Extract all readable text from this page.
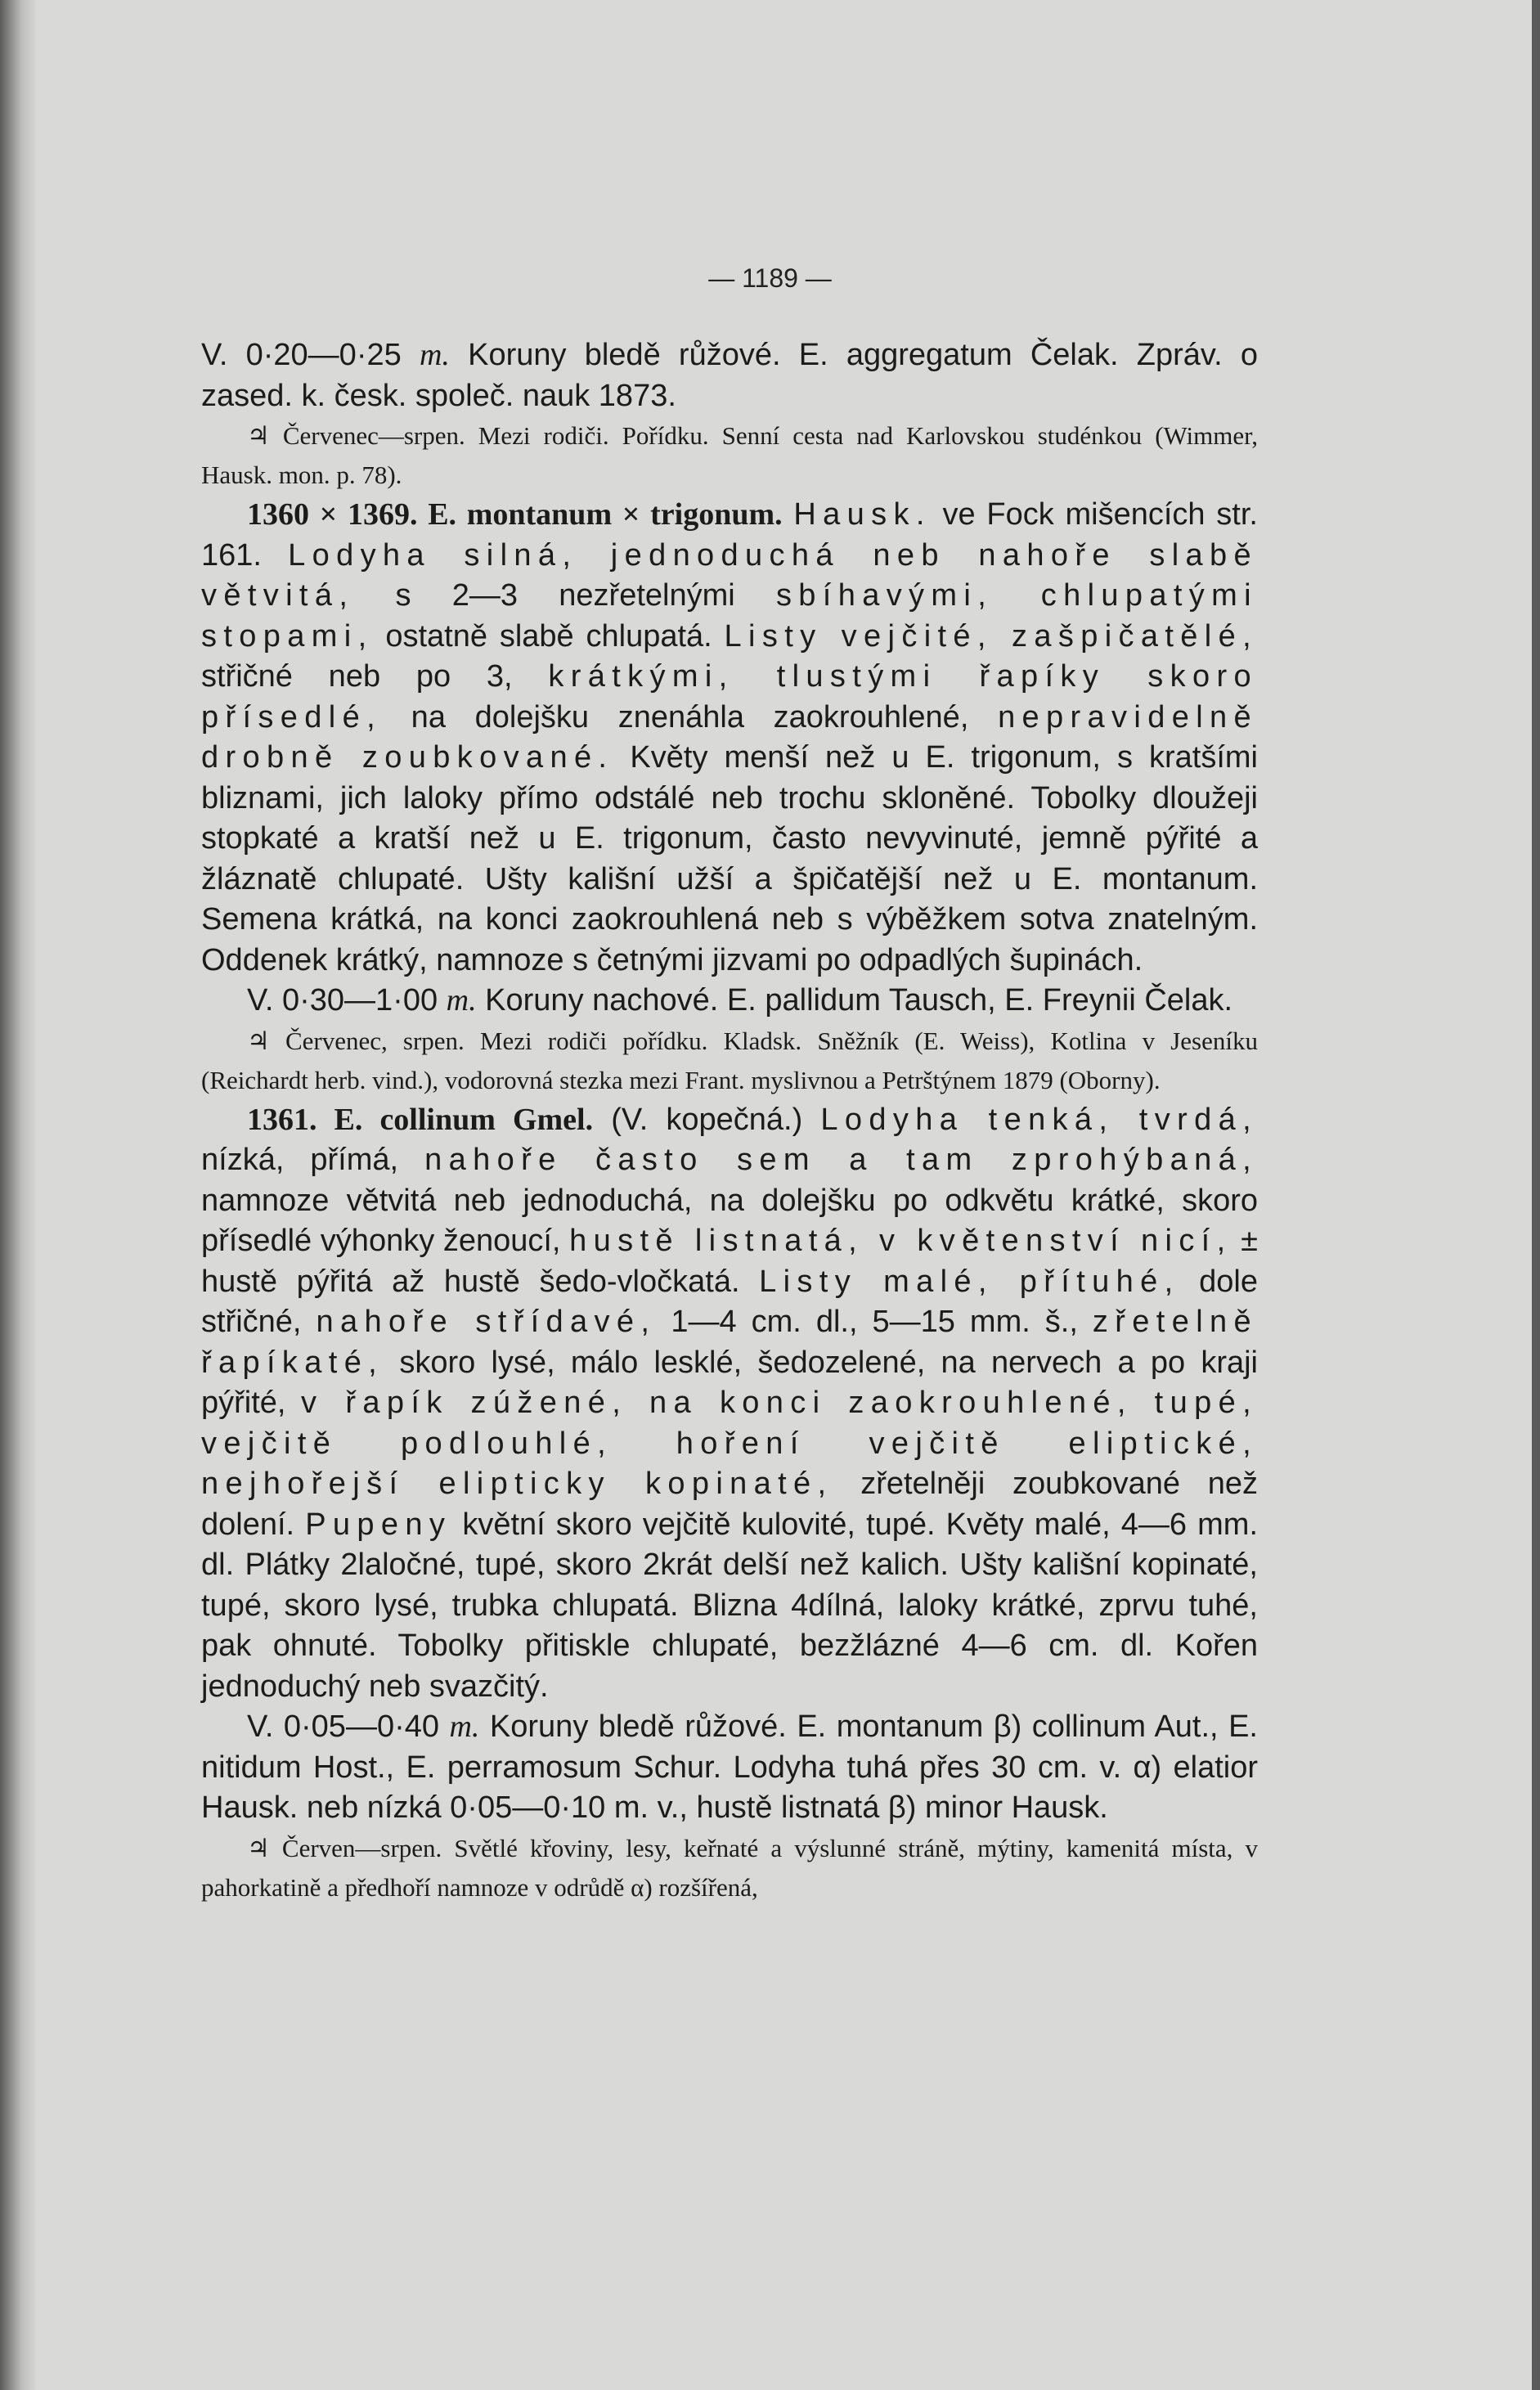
— 1189 —

V. 0·20—0·25 m. Koruny bledě růžové. E. aggregatum Čelak. Zpráv. o zased. k. česk. společ. nauk 1873.

♃ Červenec—srpen. Mezi rodiči. Pořídku. Senní cesta nad Karlovskou studénkou (Wimmer, Hausk. mon. p. 78).

1360 × 1369. E. montanum × trigonum. Hausk. ve Fock mišencích str. 161. Lodyha silná, jednoduchá neb nahoře slabě větvitá, s 2—3 nezřetelnými sbíhavými, chlupatými stopami, ostatně slabě chlupatá. Listy vejčité, zašpičatělé, střičné neb po 3, krátkými, tlustými řapíky skoro přísedlé, na dolejšku znenáhla zaokrouhlené, nepravidelně drobně zoubkované. Květy menší než u E. trigonum, s kratšími bliznami, jich laloky přímo odstálé neb trochu skloněné. Tobolky dloužeji stopkaté a kratší než u E. trigonum, často nevyvinuté, jemně pýřité a žláznatě chlupaté. Ušty kališní užší a špičatější než u E. montanum. Semena krátká, na konci zaokrouhlená neb s výběžkem sotva znatelným. Oddenek krátký, namnoze s četnými jizvami po odpadlých šupinách.

V. 0·30—1·00 m. Koruny nachové. E. pallidum Tausch, E. Freynii Čelak.

♃ Červenec, srpen. Mezi rodiči pořídku. Kladsk. Sněžník (E. Weiss), Kotlina v Jeseníku (Reichardt herb. vind.), vodorovná stezka mezi Frant. myslivnou a Petrštýnem 1879 (Oborny).

1361. E. collinum Gmel. (V. kopečná.) Lodyha tenká, tvrdá, nízká, přímá, nahoře často sem a tam zprohýbaná, namnoze větvitá neb jednoduchá, na dolejšku po odkvětu krátké, skoro přísedlé výhonky ženoucí, hustě listnatá, v květenství nicí, ± hustě pýřitá až hustě šedo-vločkatá. Listy malé, přítuhé, dole střičné, nahoře střídavé, 1—4 cm. dl., 5—15 mm. š., zřetelně řapíkaté, skoro lysé, málo lesklé, šedozelené, na nervech a po kraji pýřité, v řapík zúžené, na konci zaokrouhlené, tupé, vejčitě podlouhlé, hoření vejčitě eliptické, nejhořejší elipticky kopinaté, zřetelněji zoubkované než dolení. Pupeny květní skoro vejčitě kulovité, tupé. Květy malé, 4—6 mm. dl. Plátky 2laločné, tupé, skoro 2krát delší než kalich. Ušty kališní kopinaté, tupé, skoro lysé, trubka chlupatá. Blizna 4dílná, laloky krátké, zprvu tuhé, pak ohnuté. Tobolky přitiskle chlupaté, bezžlázné 4—6 cm. dl. Kořen jednoduchý neb svazčitý.

V. 0·05—0·40 m. Koruny bledě růžové. E. montanum β) collinum Aut., E. nitidum Host., E. perramosum Schur. Lodyha tuhá přes 30 cm. v. α) elatior Hausk. neb nízká 0·05—0·10 m. v., hustě listnatá β) minor Hausk.

♃ Červen—srpen. Světlé křoviny, lesy, keřnaté a výslunné stráně, mýtiny, kamenitá místa, v pahorkatině a předhoří namnoze v odrůdě α) rozšířená,
